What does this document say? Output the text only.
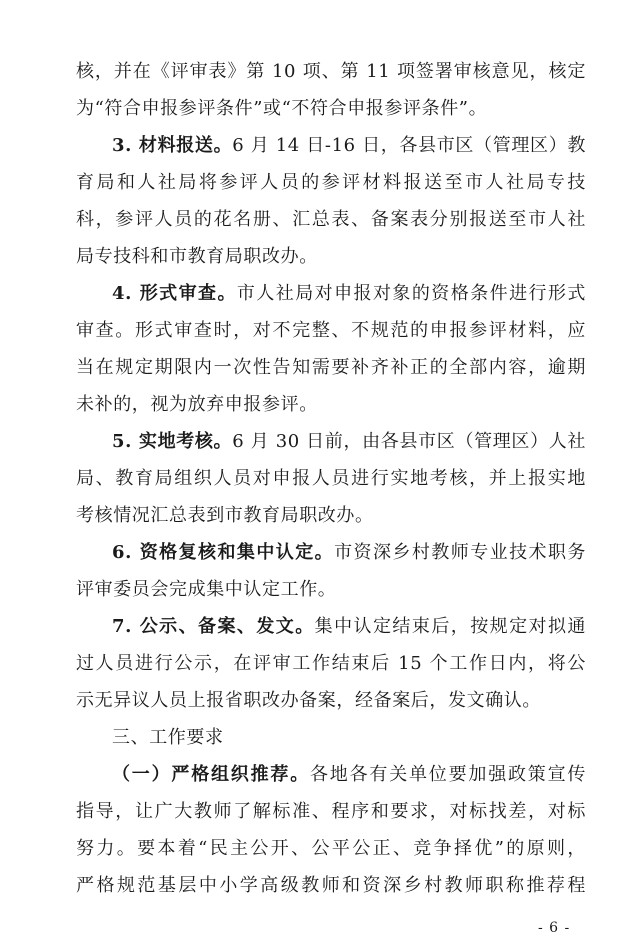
核，并在《评审表》第 10 项、第 11 项签署审核意见，核定
为“符合申报参评条件”或“不符合申报参评条件”。
3. 材料报送。6 月 14 日-16 日，各县市区（管理区）教
育局和人社局将参评人员的参评材料报送至市人社局专技
科，参评人员的花名册、汇总表、备案表分别报送至市人社
局专技科和市教育局职改办。
4. 形式审查。市人社局对申报对象的资格条件进行形式
审查。形式审查时，对不完整、不规范的申报参评材料，应
当在规定期限内一次性告知需要补齐补正的全部内容，逾期
未补的，视为放弃申报参评。
5. 实地考核。6 月 30 日前，由各县市区（管理区）人社
局、教育局组织人员对申报人员进行实地考核，并上报实地
考核情况汇总表到市教育局职改办。
6. 资格复核和集中认定。市资深乡村教师专业技术职务
评审委员会完成集中认定工作。
7. 公示、备案、发文。集中认定结束后，按规定对拟通
过人员进行公示，在评审工作结束后 15 个工作日内，将公
示无异议人员上报省职改办备案，经备案后，发文确认。
三、工作要求
（一）严格组织推荐。各地各有关单位要加强政策宣传
指导，让广大教师了解标准、程序和要求，对标找差，对标
努力。要本着“民主公开、公平公正、竞争择优”的原则，
严格规范基层中小学高级教师和资深乡村教师职称推荐程
- 6 -
